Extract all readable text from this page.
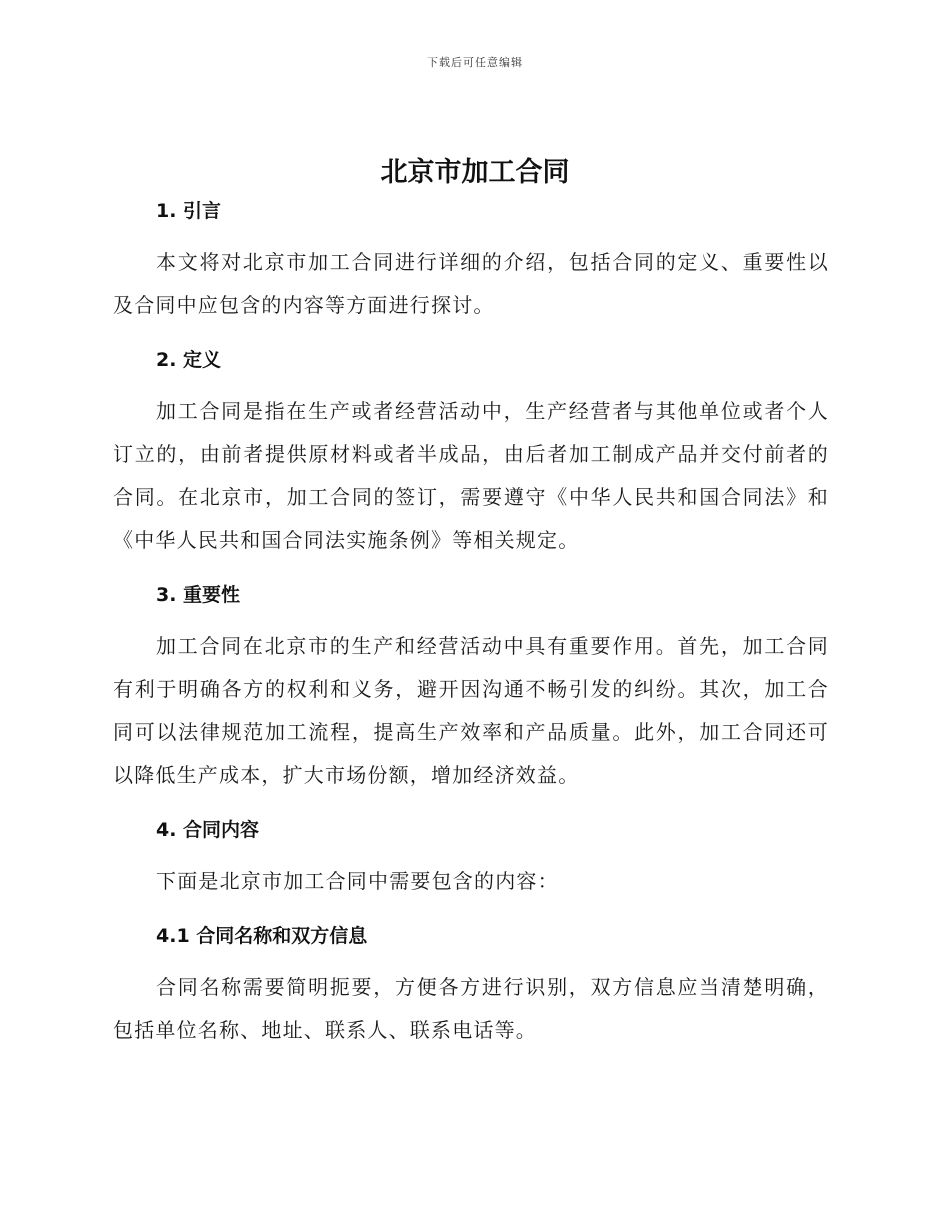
下载后可任意编辑
北京市加工合同
1. 引言

本文将对北京市加工合同进行详细的介绍，包括合同的定义、重要性以及合同中应包含的内容等方面进行探讨。

2. 定义

加工合同是指在生产或者经营活动中，生产经营者与其他单位或者个人订立的，由前者提供原材料或者半成品，由后者加工制成产品并交付前者的合同。在北京市，加工合同的签订，需要遵守《中华人民共和国合同法》和《中华人民共和国合同法实施条例》等相关规定。

3. 重要性

加工合同在北京市的生产和经营活动中具有重要作用。首先，加工合同有利于明确各方的权利和义务，避开因沟通不畅引发的纠纷。其次，加工合同可以法律规范加工流程，提高生产效率和产品质量。此外，加工合同还可以降低生产成本，扩大市场份额，增加经济效益。

4. 合同内容

下面是北京市加工合同中需要包含的内容：

4.1 合同名称和双方信息

合同名称需要简明扼要，方便各方进行识别，双方信息应当清楚明确，包括单位名称、地址、联系人、联系电话等。
